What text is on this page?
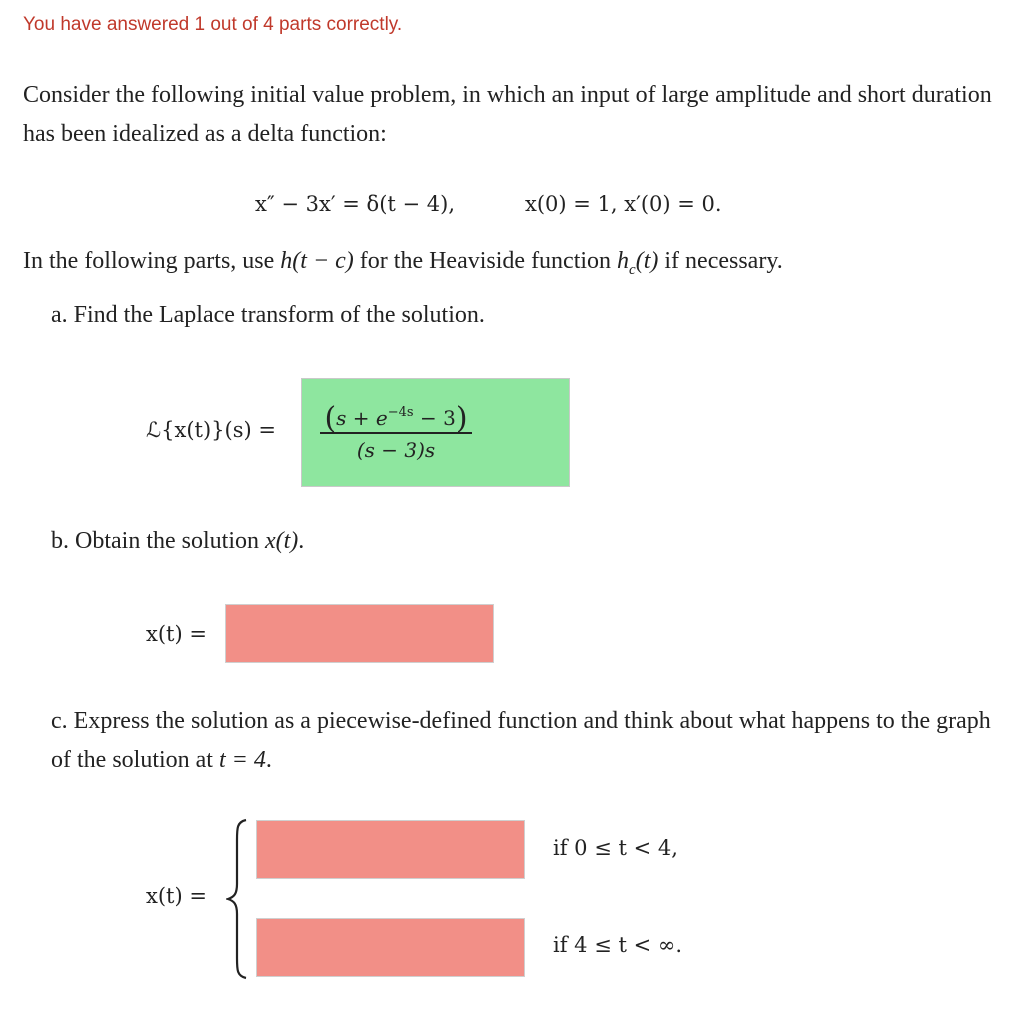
You have answered 1 out of 4 parts correctly.
Consider the following initial value problem, in which an input of large amplitude and short duration has been idealized as a delta function:
x″ − 3x′ = δ(t − 4),	x(0) = 1, x′(0) = 0.
In the following parts, use h(t − c) for the Heaviside function $h_c(t)$ if necessary.
a. Find the Laplace transform of the solution.
ℒ{x(t)}(s) = $(s + e^{-4s} - 3)$
(s − 3)s
b. Obtain the solution x(t).
x(t) =
c. Express the solution as a piecewise-defined function and think about what happens to the graph of the solution at t = 4.
x(t) =
if 0 ≤ t < 4,
if 4 ≤ t < ∞.
